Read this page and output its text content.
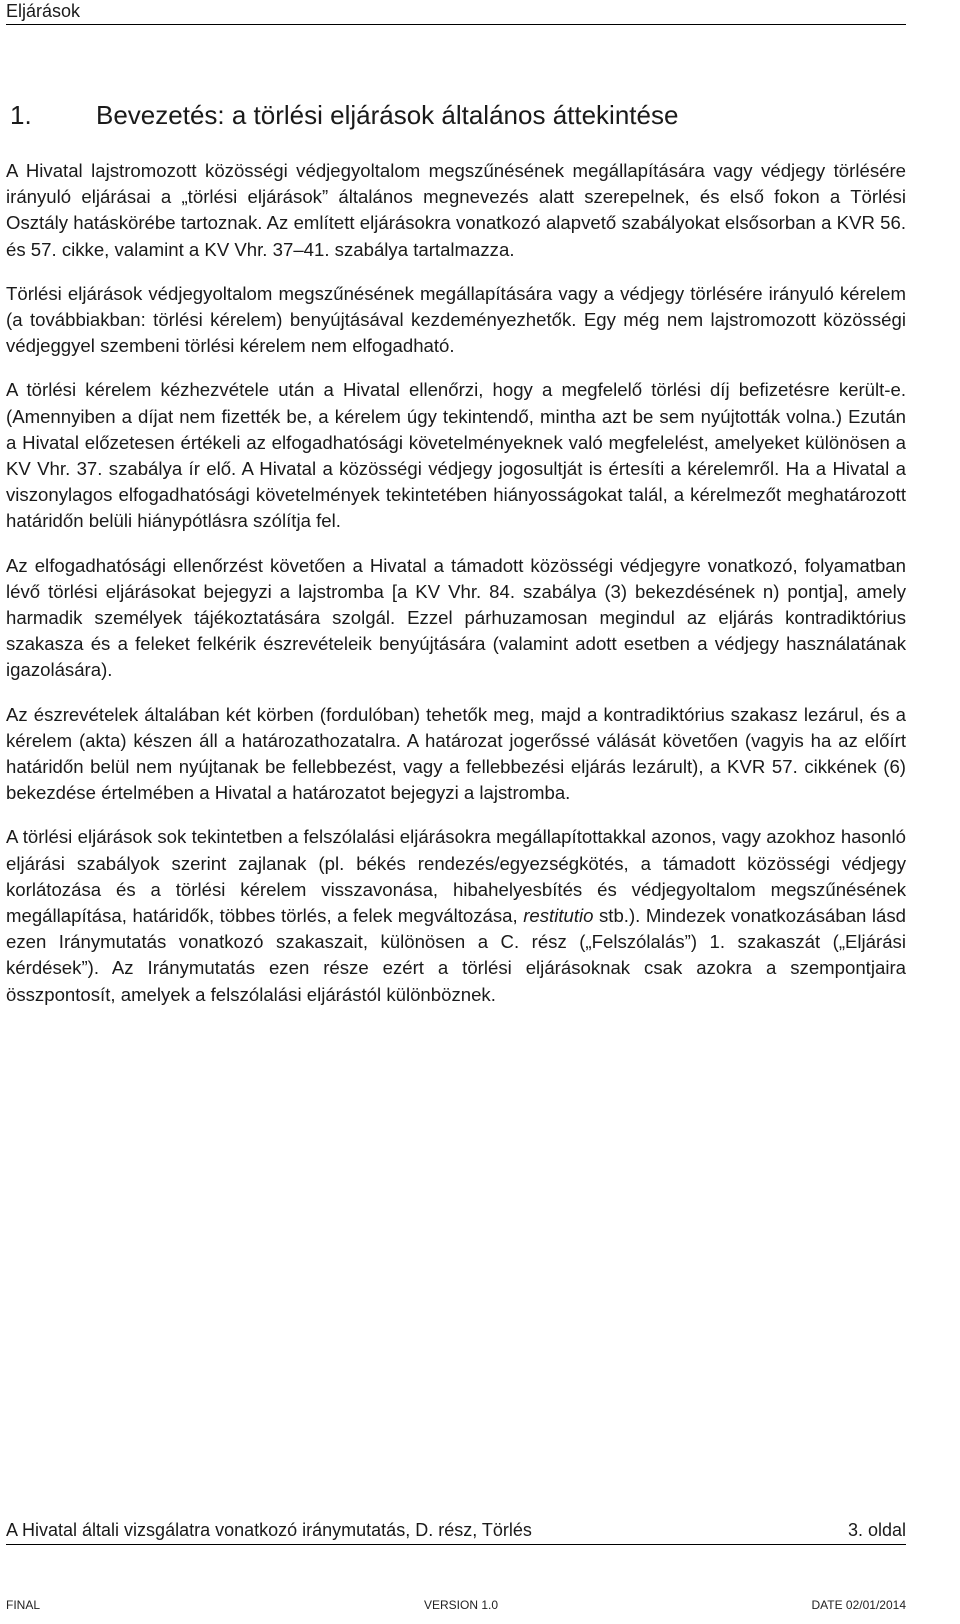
Eljárások
1. Bevezetés: a törlési eljárások általános áttekintése

A Hivatal lajstromozott közösségi védjegyoltalom megszűnésének megállapítására vagy védjegy törlésére irányuló eljárásai a „törlési eljárások” általános megnevezés alatt szerepelnek, és első fokon a Törlési Osztály hatáskörébe tartoznak. Az említett eljárásokra vonatkozó alapvető szabályokat elsősorban a KVR 56. és 57. cikke, valamint a KV Vhr. 37–41. szabálya tartalmazza.

Törlési eljárások védjegyoltalom megszűnésének megállapítására vagy a védjegy törlésére irányuló kérelem (a továbbiakban: törlési kérelem) benyújtásával kezdeményezhetők. Egy még nem lajstromozott közösségi védjeggyel szembeni törlési kérelem nem elfogadható.

A törlési kérelem kézhezvétele után a Hivatal ellenőrzi, hogy a megfelelő törlési díj befizetésre került-e. (Amennyiben a díjat nem fizették be, a kérelem úgy tekintendő, mintha azt be sem nyújtották volna.) Ezután a Hivatal előzetesen értékeli az elfogadhatósági követelményeknek való megfelelést, amelyeket különösen a KV Vhr. 37. szabálya ír elő. A Hivatal a közösségi védjegy jogosultját is értesíti a kérelemről. Ha a Hivatal a viszonylagos elfogadhatósági követelmények tekintetében hiányosságokat talál, a kérelmezőt meghatározott határidőn belüli hiánypótlásra szólítja fel.

Az elfogadhatósági ellenőrzést követően a Hivatal a támadott közösségi védjegyre vonatkozó, folyamatban lévő törlési eljárásokat bejegyzi a lajstromba [a KV Vhr. 84. szabálya (3) bekezdésének n) pontja], amely harmadik személyek tájékoztatására szolgál. Ezzel párhuzamosan megindul az eljárás kontradiktórius szakasza és a feleket felkérik észrevételeik benyújtására (valamint adott esetben a védjegy használatának igazolására).

Az észrevételek általában két körben (fordulóban) tehetők meg, majd a kontradiktórius szakasz lezárul, és a kérelem (akta) készen áll a határozathozatalra. A határozat jogerőssé válását követően (vagyis ha az előírt határidőn belül nem nyújtanak be fellebbezést, vagy a fellebbezési eljárás lezárult), a KVR 57. cikkének (6) bekezdése értelmében a Hivatal a határozatot bejegyzi a lajstromba.

A törlési eljárások sok tekintetben a felszólalási eljárásokra megállapítottakkal azonos, vagy azokhoz hasonló eljárási szabályok szerint zajlanak (pl. békés rendezés/egyezségkötés, a támadott közösségi védjegy korlátozása és a törlési kérelem visszavonása, hibahelyesbítés és védjegyoltalom megszűnésének megállapítása, határidők, többes törlés, a felek megváltozása, restitutio stb.). Mindezek vonatkozásában lásd ezen Iránymutatás vonatkozó szakaszait, különösen a C. rész („Felszólalás”) 1. szakaszát („Eljárási kérdések”). Az Iránymutatás ezen része ezért a törlési eljárásoknak csak azokra a szempontjaira összpontosít, amelyek a felszólalási eljárástól különböznek.

A Hivatal általi vizsgálatra vonatkozó iránymutatás, D. rész, Törlés	3. oldal
FINAL	VERSION 1.0	DATE 02/01/2014
